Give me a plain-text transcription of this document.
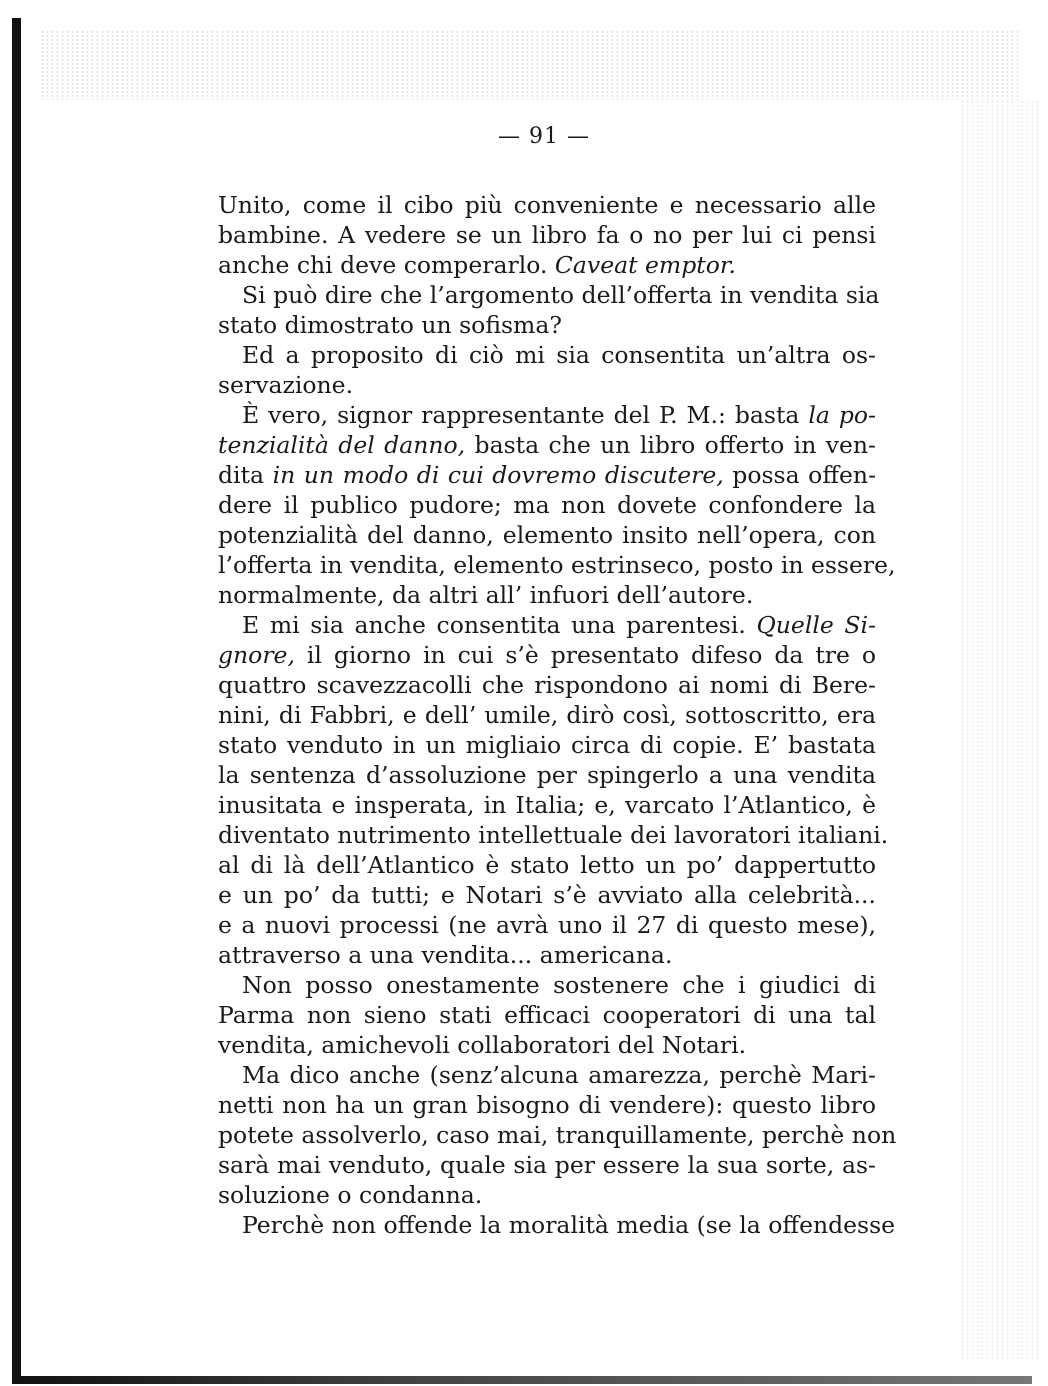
— 91 —
Unito, come il cibo più conveniente e necessario alle
bambine. A vedere se un libro fa o no per lui ci pensi
anche chi deve comperarlo. Caveat emptor.
Si può dire che l’argomento dell’offerta in vendita sia
stato dimostrato un sofisma?
Ed a proposito di ciò mi sia consentita un’altra os-
servazione.
È vero, signor rappresentante del P. M.: basta la po-
tenzialità del danno, basta che un libro offerto in ven-
dita in un modo di cui dovremo discutere, possa offen-
dere il publico pudore; ma non dovete confondere la
potenzialità del danno, elemento insito nell’opera, con
l’offerta in vendita, elemento estrinseco, posto in essere,
normalmente, da altri all’ infuori dell’autore.
E mi sia anche consentita una parentesi. Quelle Si-
gnore, il giorno in cui s’è presentato difeso da tre o
quattro scavezzacolli che rispondono ai nomi di Bere-
nini, di Fabbri, e dell’ umile, dirò così, sottoscritto, era
stato venduto in un migliaio circa di copie. E’ bastata
la sentenza d’assoluzione per spingerlo a una vendita
inusitata e insperata, in Italia; e, varcato l’Atlantico, è
diventato nutrimento intellettuale dei lavoratori italiani.
al di là dell’Atlantico è stato letto un po’ dappertutto
e un po’ da tutti; e Notari s’è avviato alla celebrità...
e a nuovi processi (ne avrà uno il 27 di questo mese),
attraverso a una vendita... americana.
Non posso onestamente sostenere che i giudici di
Parma non sieno stati efficaci cooperatori di una tal
vendita, amichevoli collaboratori del Notari.
Ma dico anche (senz’alcuna amarezza, perchè Mari-
netti non ha un gran bisogno di vendere): questo libro
potete assolverlo, caso mai, tranquillamente, perchè non
sarà mai venduto, quale sia per essere la sua sorte, as-
soluzione o condanna.
Perchè non offende la moralità media (se la offendesse
